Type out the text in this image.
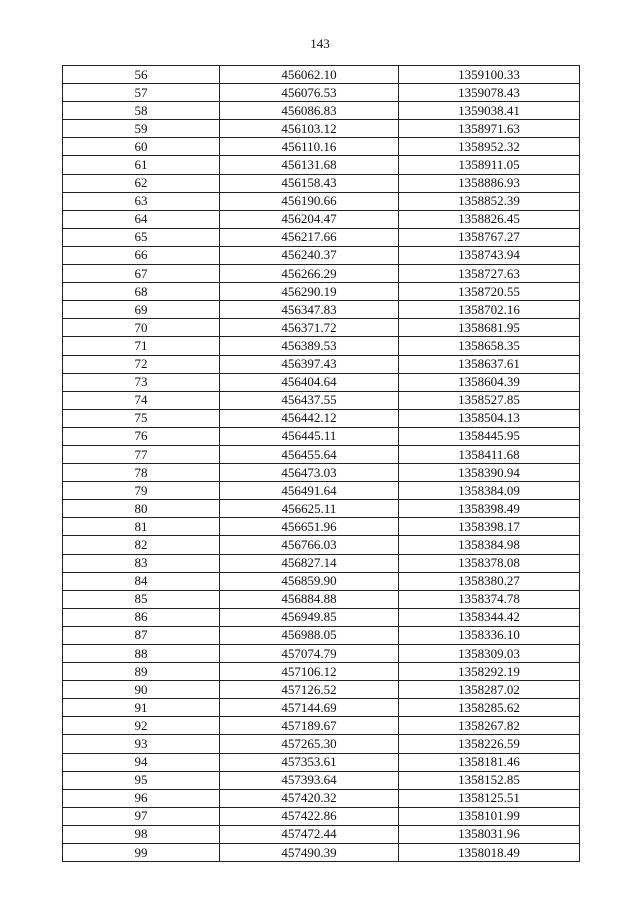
143
56	456062.10	1359100.33
57	456076.53	1359078.43
58	456086.83	1359038.41
59	456103.12	1358971.63
60	456110.16	1358952.32
61	456131.68	1358911.05
62	456158.43	1358886.93
63	456190.66	1358852.39
64	456204.47	1358826.45
65	456217.66	1358767.27
66	456240.37	1358743.94
67	456266.29	1358727.63
68	456290.19	1358720.55
69	456347.83	1358702.16
70	456371.72	1358681.95
71	456389.53	1358658.35
72	456397.43	1358637.61
73	456404.64	1358604.39
74	456437.55	1358527.85
75	456442.12	1358504.13
76	456445.11	1358445.95
77	456455.64	1358411.68
78	456473.03	1358390.94
79	456491.64	1358384.09
80	456625.11	1358398.49
81	456651.96	1358398.17
82	456766.03	1358384.98
83	456827.14	1358378.08
84	456859.90	1358380.27
85	456884.88	1358374.78
86	456949.85	1358344.42
87	456988.05	1358336.10
88	457074.79	1358309.03
89	457106.12	1358292.19
90	457126.52	1358287.02
91	457144.69	1358285.62
92	457189.67	1358267.82
93	457265.30	1358226.59
94	457353.61	1358181.46
95	457393.64	1358152.85
96	457420.32	1358125.51
97	457422.86	1358101.99
98	457472.44	1358031.96
99	457490.39	1358018.49
